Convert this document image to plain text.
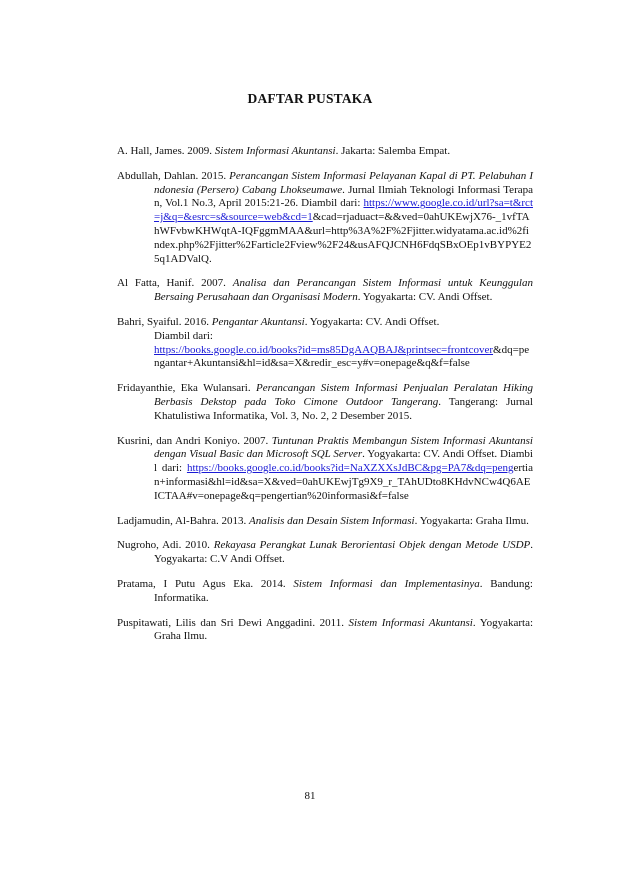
DAFTAR PUSTAKA

A. Hall, James. 2009. Sistem Informasi Akuntansi. Jakarta: Salemba Empat.

Abdullah, Dahlan. 2015. Perancangan Sistem Informasi Pelayanan Kapal di PT. Pelabuhan Indonesia (Persero) Cabang Lhokseumawe. Jurnal Ilmiah Teknologi Informasi Terapan, Vol.1 No.3, April 2015:21-26. Diambil dari: https://www.google.co.id/url?sa=t&rct=j&q=&esrc=s&source=web&cd=1&cad=rjaduact=&&ved=0ahUKEwjX76-_1vfTAhWFvbwKHWqtA-IQFggmMAA&url=http%3A%2F%2Fjitter.widyatama.ac.id%2findex.php%2Fjitter%2Farticle2Fview%2F24&usAFQJCNH6FdqSBxOEp1vBYPYE25q1ADValQ.

Al Fatta, Hanif. 2007. Analisa dan Perancangan Sistem Informasi untuk Keunggulan Bersaing Perusahaan dan Organisasi Modern. Yogyakarta: CV. Andi Offset.

Bahri, Syaiful. 2016. Pengantar Akuntansi. Yogyakarta: CV. Andi Offset.
Diambil dari:
https://books.google.co.id/books?id=ms85DgAAQBAJ&printsec=frontcover&dq=pengantar+Akuntansi&hl=id&sa=X&redir_esc=y#v=onepage&q&f=false

Fridayanthie, Eka Wulansari. Perancangan Sistem Informasi Penjualan Peralatan Hiking Berbasis Dekstop pada Toko Cimone Outdoor Tangerang. Tangerang: Jurnal Khatulistiwa Informatika, Vol. 3, No. 2, 2 Desember 2015.

Kusrini, dan Andri Koniyo. 2007. Tuntunan Praktis Membangun Sistem Informasi Akuntansi dengan Visual Basic dan Microsoft SQL Server. Yogyakarta: CV. Andi Offset. Diambil dari: https://books.google.co.id/books?id=NaXZXXsJdBC&pg=PA7&dq=pengertian+informasi&hl=id&sa=X&ved=0ahUKEwjTg9X9_r_TAhUDto8KHdvNCw4Q6AEICTAA#v=onepage&q=pengertian%20informasi&f=false

Ladjamudin, Al-Bahra. 2013. Analisis dan Desain Sistem Informasi. Yogyakarta: Graha Ilmu.

Nugroho, Adi. 2010. Rekayasa Perangkat Lunak Berorientasi Objek dengan Metode USDP. Yogyakarta: C.V Andi Offset.

Pratama, I Putu Agus Eka. 2014. Sistem Informasi dan Implementasinya. Bandung: Informatika.

Puspitawati, Lilis dan Sri Dewi Anggadini. 2011. Sistem Informasi Akuntansi. Yogyakarta: Graha Ilmu.

81
